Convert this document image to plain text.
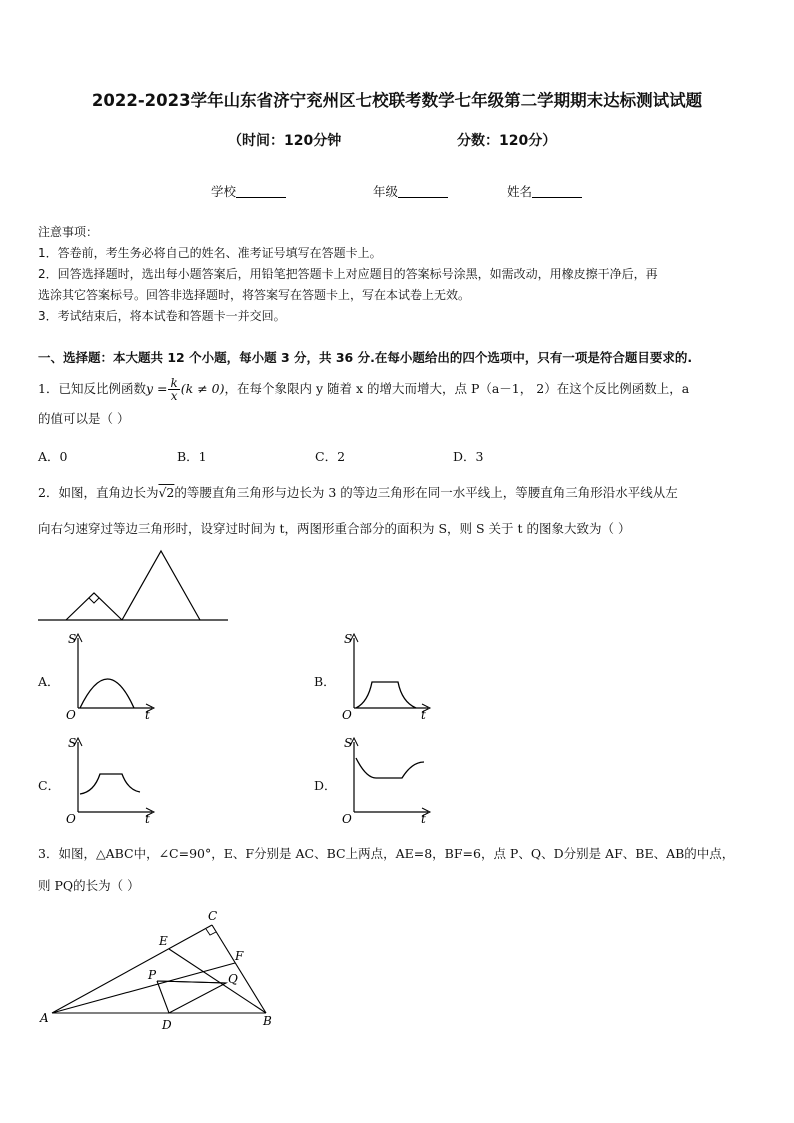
2022-2023学年山东省济宁兖州区七校联考数学七年级第二学期期末达标测试试题
（时间：120分钟	分数：120分）
学校	年级	姓名

注意事项：

1．答卷前，考生务必将自己的姓名、准考证号填写在答题卡上。

2．回答选择题时，选出每小题答案后，用铅笔把答题卡上对应题目的答案标号涂黑，如需改动，用橡皮擦干净后，再

选涂其它答案标号。回答非选择题时，将答案写在答题卡上，写在本试卷上无效。

3．考试结束后，将本试卷和答题卡一并交回。

一、选择题：本大题共 12 个小题，每小题 3 分，共 36 分.在每小题给出的四个选项中，只有一项是符合题目要求的.

1．已知反比例函数$y = \frac{k}{x} (k \ne 0)$，在每个象限内 y 随着 x 的增大而增大，点 P（a－1， 2）在这个反比例函数上，a

的值可以是（ ）

A．0	B．1	C．2	D．3

2．如图，直角边长为√2的等腰直角三角形与边长为 3 的等边三角形在同一水平线上，等腰直角三角形沿水平线从左

向右匀速穿过等边三角形时，设穿过时间为 t，两图形重合部分的面积为 S，则 S 关于 t 的图象大致为（ ）

A．
S
O	t
B．
S
O	t
C．
S
O	t
D．
S
O	t

3．如图，△ABC中，∠C=90°，E、F分别是 AC、BC上两点，AE=8，BF=6，点 P、Q、D分别是 AF、BE、AB的中点，

则 PQ的长为（ ）

A	B
C
D
E
F
P	Q
